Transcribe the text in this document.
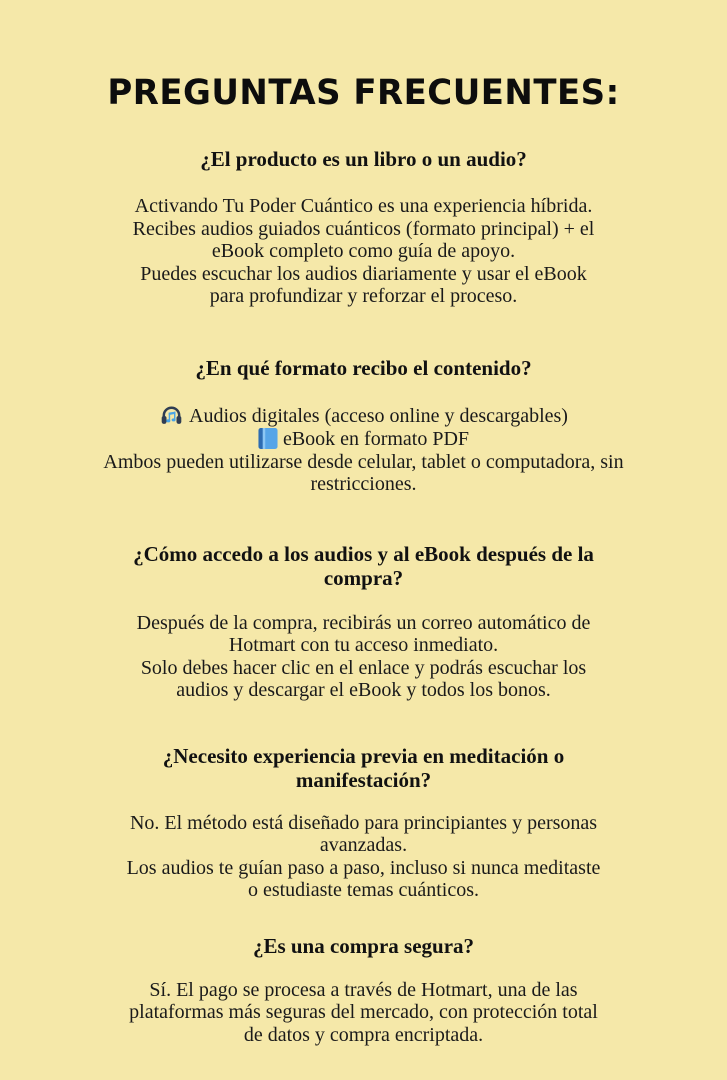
PREGUNTAS FRECUENTES:
¿El producto es un libro o un audio?
Activando Tu Poder Cuántico es una experiencia híbrida.
Recibes audios guiados cuánticos (formato principal) + el
eBook completo como guía de apoyo.
Puedes escuchar los audios diariamente y usar el eBook
para profundizar y reforzar el proceso.
¿En qué formato recibo el contenido?
Audios digitales (acceso online y descargables)
eBook en formato PDF
Ambos pueden utilizarse desde celular, tablet o computadora, sin
restricciones.
¿Cómo accedo a los audios y al eBook después de la
compra?
Después de la compra, recibirás un correo automático de
Hotmart con tu acceso inmediato.
Solo debes hacer clic en el enlace y podrás escuchar los
audios y descargar el eBook y todos los bonos.
¿Necesito experiencia previa en meditación o
manifestación?
No. El método está diseñado para principiantes y personas
avanzadas.
Los audios te guían paso a paso, incluso si nunca meditaste
o estudiaste temas cuánticos.
¿Es una compra segura?
Sí. El pago se procesa a través de Hotmart, una de las
plataformas más seguras del mercado, con protección total
de datos y compra encriptada.
